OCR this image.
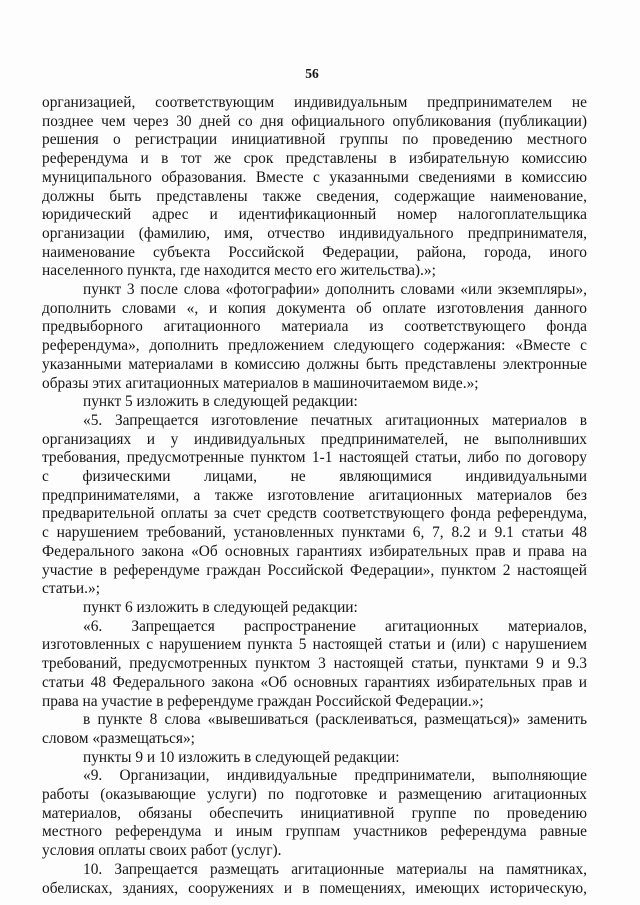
56
организацией, соответствующим индивидуальным предпринимателем не
позднее чем через 30 дней со дня официального опубликования (публикации)
решения о регистрации инициативной группы по проведению местного
референдума и в тот же срок представлены в избирательную комиссию
муниципального образования. Вместе с указанными сведениями в комиссию
должны быть представлены также сведения, содержащие наименование,
юридический адрес и идентификационный номер налогоплательщика
организации (фамилию, имя, отчество индивидуального предпринимателя,
наименование субъекта Российской Федерации, района, города, иного
населенного пункта, где находится место его жительства).»;
пункт 3 после слова «фотографии» дополнить словами «или экземпляры»,
дополнить словами «, и копия документа об оплате изготовления данного
предвыборного агитационного материала из соответствующего фонда
референдума», дополнить предложением следующего содержания: «Вместе с
указанными материалами в комиссию должны быть представлены электронные
образы этих агитационных материалов в машиночитаемом виде.»;
пункт 5 изложить в следующей редакции:
«5. Запрещается изготовление печатных агитационных материалов в
организациях и у индивидуальных предпринимателей, не выполнивших
требования, предусмотренные пунктом 1-1 настоящей статьи, либо по договору
с физическими лицами, не являющимися индивидуальными
предпринимателями, а также изготовление агитационных материалов без
предварительной оплаты за счет средств соответствующего фонда референдума,
с нарушением требований, установленных пунктами 6, 7, 8.2 и 9.1 статьи 48
Федерального закона «Об основных гарантиях избирательных прав и права на
участие в референдуме граждан Российской Федерации», пунктом 2 настоящей
статьи.»;
пункт 6 изложить в следующей редакции:
«6. Запрещается распространение агитационных материалов,
изготовленных с нарушением пункта 5 настоящей статьи и (или) с нарушением
требований, предусмотренных пунктом 3 настоящей статьи, пунктами 9 и 9.3
статьи 48 Федерального закона «Об основных гарантиях избирательных прав и
права на участие в референдуме граждан Российской Федерации.»;
в пункте 8 слова «вывешиваться (расклеиваться, размещаться)» заменить
словом «размещаться»;
пункты 9 и 10 изложить в следующей редакции:
«9. Организации, индивидуальные предприниматели, выполняющие
работы (оказывающие услуги) по подготовке и размещению агитационных
материалов, обязаны обеспечить инициативной группе по проведению
местного референдума и иным группам участников референдума равные
условия оплаты своих работ (услуг).
10. Запрещается размещать агитационные материалы на памятниках,
обелисках, зданиях, сооружениях и в помещениях, имеющих историческую,
